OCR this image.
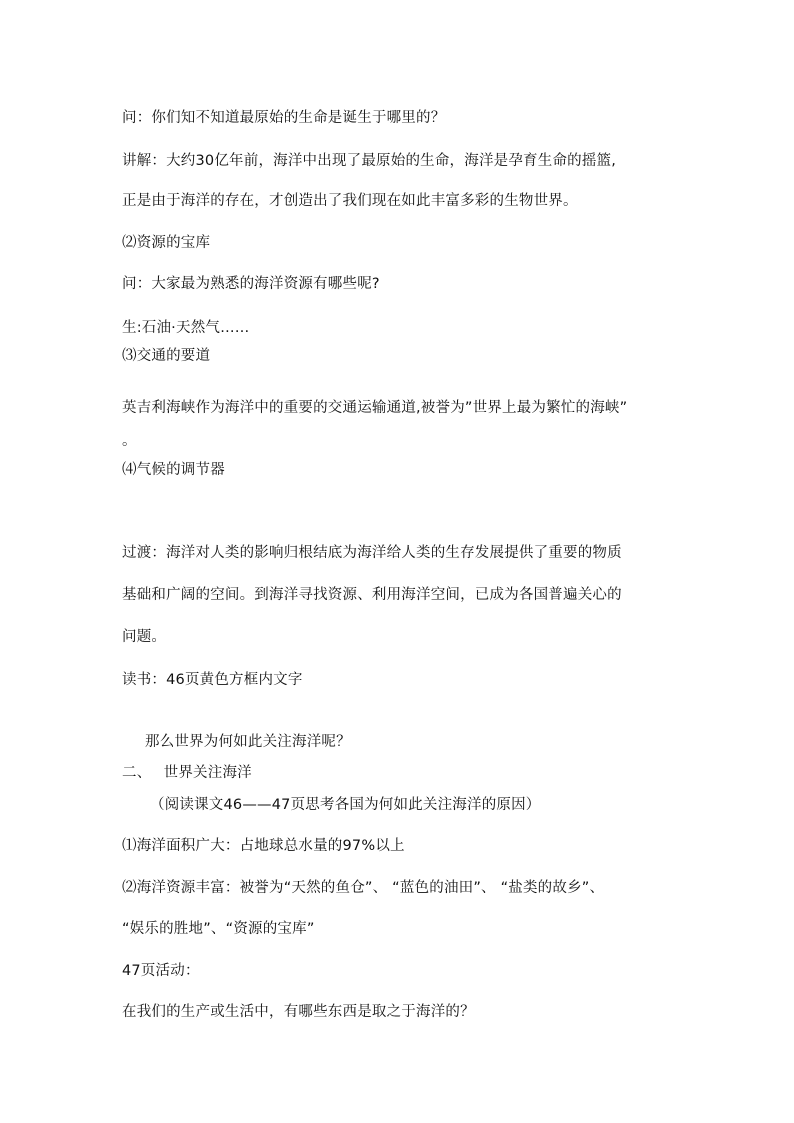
问：你们知不知道最原始的生命是诞生于哪里的？
讲解：大约30亿年前，海洋中出现了最原始的生命，海洋是孕育生命的摇篮,
正是由于海洋的存在，才创造出了我们现在如此丰富多彩的生物世界。
⑵资源的宝库
问：大家最为熟悉的海洋资源有哪些呢?
生:石油·天然气……
⑶交通的要道
英吉利海峡作为海洋中的重要的交通运输通道,被誉为”世界上最为繁忙的海峡”
。
⑷气候的调节器
过渡：海洋对人类的影响归根结底为海洋给人类的生存发展提供了重要的物质
基础和广阔的空间。到海洋寻找资源、利用海洋空间，已成为各国普遍关心的
问题。
读书：46页黄色方框内文字
那么世界为何如此关注海洋呢？
二、　 世界关注海洋
（阅读课文46——47页思考各国为何如此关注海洋的原因）
⑴海洋面积广大：占地球总水量的97%以上
⑵海洋资源丰富：被誉为“天然的鱼仓”、 “蓝色的油田”、 “盐类的故乡”、
“娱乐的胜地”、“资源的宝库”
47页活动：
在我们的生产或生活中，有哪些东西是取之于海洋的？
